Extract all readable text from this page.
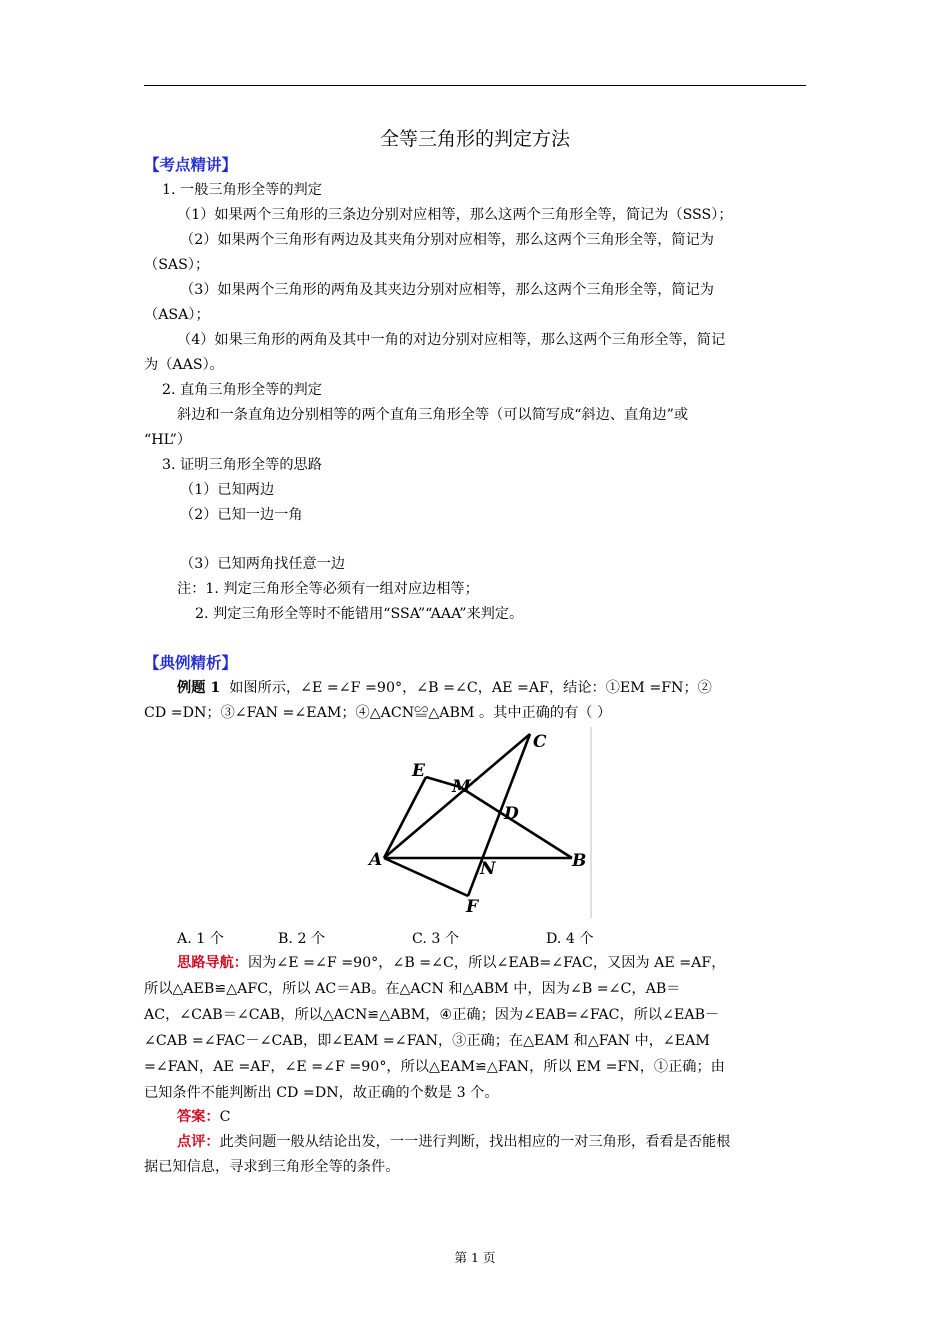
全等三角形的判定方法
【考点精讲】
1. 一般三角形全等的判定
（1）如果两个三角形的三条边分别对应相等，那么这两个三角形全等，简记为（SSS）；
（2）如果两个三角形有两边及其夹角分别对应相等，那么这两个三角形全等，简记为
（SAS）；
（3）如果两个三角形的两角及其夹边分别对应相等，那么这两个三角形全等，简记为
（ASA）；
（4）如果三角形的两角及其中一角的对边分别对应相等，那么这两个三角形全等，简记
为（AAS）。
2. 直角三角形全等的判定
斜边和一条直角边分别相等的两个直角三角形全等（可以简写成“斜边、直角边”或
“HL”）
3. 证明三角形全等的思路
（1）已知两边
（2）已知一边一角
（3）已知两角找任意一边
注：1. 判定三角形全等必须有一组对应边相等；
2. 判定三角形全等时不能错用“SSA”“AAA”来判定。
【典例精析】
例题 1 如图所示，∠E =∠F =90°，∠B =∠C，AE =AF，结论：①EM =FN；②
CD =DN；③∠FAN =∠EAM；④△ACN≌△ABM 。其中正确的有（ ）
C
E
M
D
A	N	B
F
A. 1 个	B. 2 个	C. 3 个	D. 4 个
思路导航：因为∠E =∠F =90°，∠B =∠C，所以∠EAB=∠FAC，又因为 AE =AF，
所以△AEB≌△AFC，所以 AC＝AB。在△ACN 和△ABM 中，因为∠B =∠C，AB＝
AC，∠CAB＝∠CAB，所以△ACN≌△ABM，④正确；因为∠EAB=∠FAC，所以∠EAB－
∠CAB =∠FAC－∠CAB，即∠EAM =∠FAN，③正确；在△EAM 和△FAN 中，∠EAM
=∠FAN，AE =AF，∠E =∠F =90°，所以△EAM≌△FAN，所以 EM =FN，①正确；由
已知条件不能判断出 CD =DN，故正确的个数是 3 个。
答案：C
点评：此类问题一般从结论出发，一一进行判断，找出相应的一对三角形，看看是否能根
据已知信息，寻求到三角形全等的条件。
第 1 页
